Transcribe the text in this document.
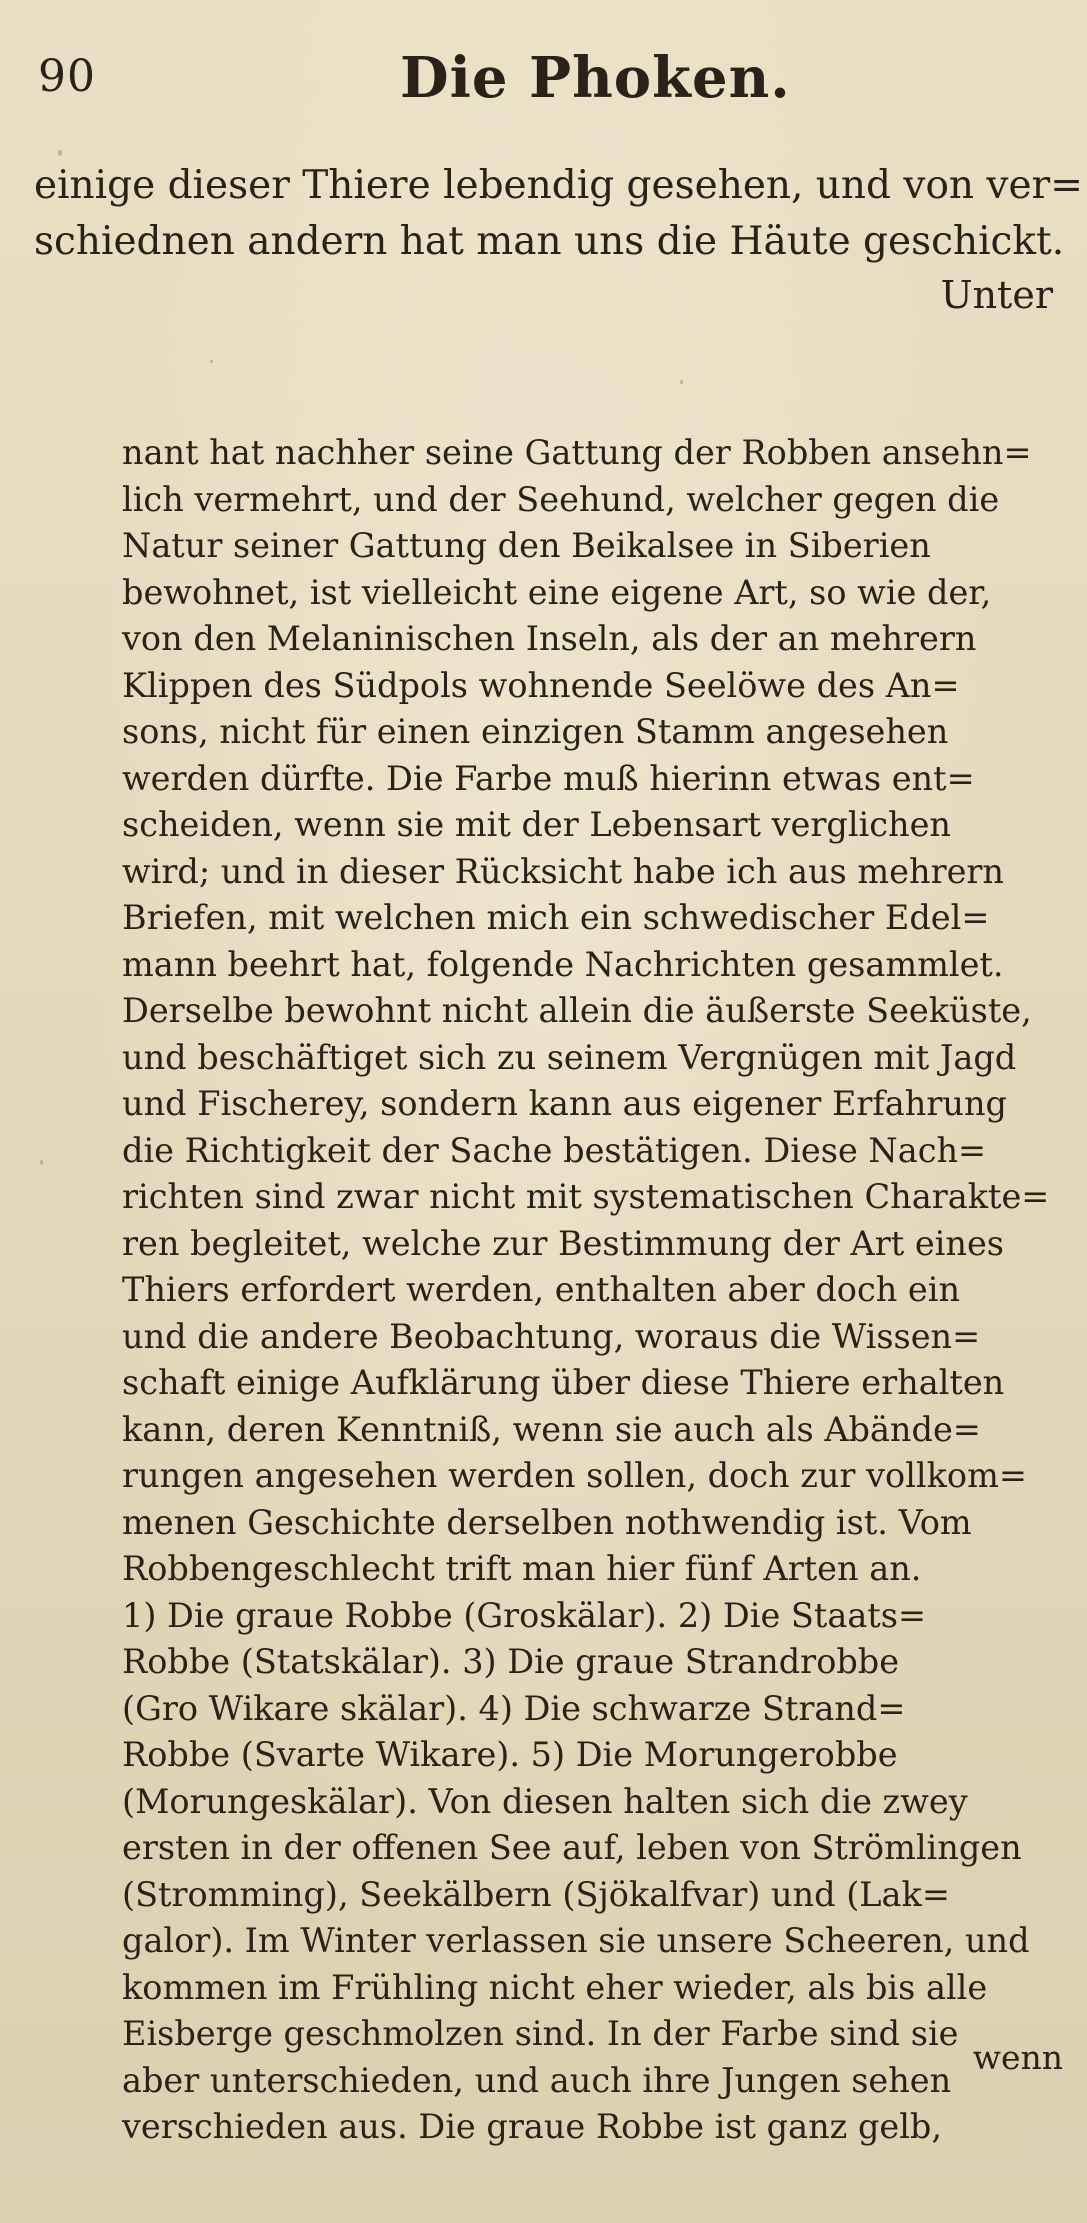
90	Die Phoken.
einige dieser Thiere lebendig gesehen, und von ver=
schiednen andern hat man uns die Häute geschickt.
Unter
nant hat nachher seine Gattung der Robben ansehn=
lich vermehrt, und der Seehund, welcher gegen die
Natur seiner Gattung den Beikalsee in Siberien
bewohnet, ist vielleicht eine eigene Art, so wie der,
von den Melaninischen Inseln, als der an mehrern
Klippen des Südpols wohnende Seelöwe des An=
sons, nicht für einen einzigen Stamm angesehen
werden dürfte. Die Farbe muß hierinn etwas ent=
scheiden, wenn sie mit der Lebensart verglichen
wird; und in dieser Rücksicht habe ich aus mehrern
Briefen, mit welchen mich ein schwedischer Edel=
mann beehrt hat, folgende Nachrichten gesammlet.
Derselbe bewohnt nicht allein die äußerste Seeküste,
und beschäftiget sich zu seinem Vergnügen mit Jagd
und Fischerey, sondern kann aus eigener Erfahrung
die Richtigkeit der Sache bestätigen. Diese Nach=
richten sind zwar nicht mit systematischen Charakte=
ren begleitet, welche zur Bestimmung der Art eines
Thiers erfordert werden, enthalten aber doch ein
und die andere Beobachtung, woraus die Wissen=
schaft einige Aufklärung über diese Thiere erhalten
kann, deren Kenntniß, wenn sie auch als Abände=
rungen angesehen werden sollen, doch zur vollkom=
menen Geschichte derselben nothwendig ist. Vom
Robbengeschlecht trift man hier fünf Arten an.
1) Die graue Robbe (Groskälar). 2) Die Staats=
Robbe (Statskälar). 3) Die graue Strandrobbe
(Gro Wikare skälar). 4) Die schwarze Strand=
Robbe (Svarte Wikare). 5) Die Morungerobbe
(Morungeskälar). Von diesen halten sich die zwey
ersten in der offenen See auf, leben von Strömlingen
(Stromming), Seekälbern (Sjökalfvar) und (Lak=
galor). Im Winter verlassen sie unsere Scheeren, und
kommen im Frühling nicht eher wieder, als bis alle
Eisberge geschmolzen sind. In der Farbe sind sie
aber unterschieden, und auch ihre Jungen sehen
verschieden aus. Die graue Robbe ist ganz gelb,
wenn
